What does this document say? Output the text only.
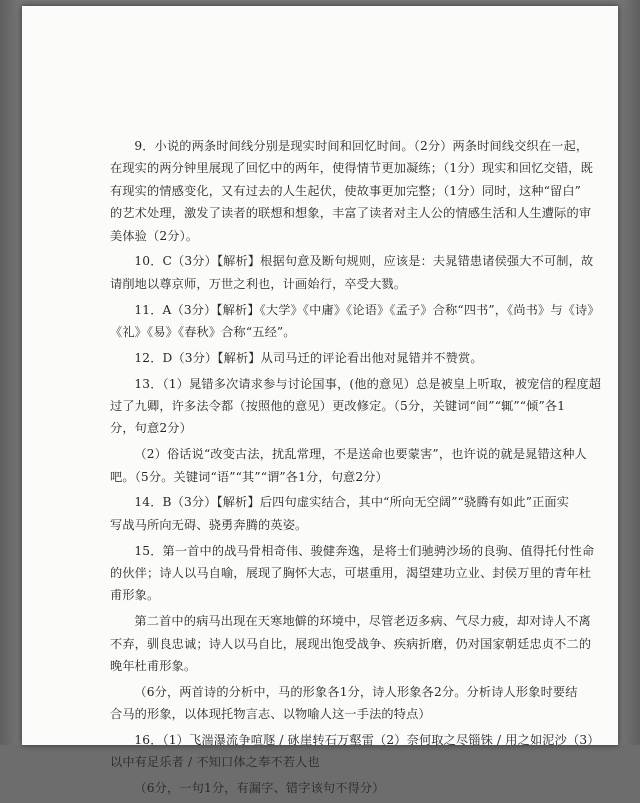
9．小说的两条时间线分别是现实时间和回忆时间。（2分）两条时间线交织在一起，
在现实的两分钟里展现了回忆中的两年，使得情节更加凝练；（1分）现实和回忆交错，既
有现实的情感变化，又有过去的人生起伏，使故事更加完整；（1分）同时，这种“留白”
的艺术处理，激发了读者的联想和想象，丰富了读者对主人公的情感生活和人生遭际的审
美体验（2分）。
10．C（3分）【解析】根据句意及断句规则，应该是：夫晁错患诸侯强大不可制，故
请削地以尊京师，万世之利也，计画始行，卒受大戮。
11．A（3分）【解析】《大学》《中庸》《论语》《孟子》合称“四书”，《尚书》与《诗》
《礼》《易》《春秋》合称“五经”。
12．D（3分）【解析】从司马迁的评论看出他对晁错并不赞赏。
13．（1）晁错多次请求参与讨论国事，(他的意见）总是被皇上听取，被宠信的程度超
过了九卿，许多法令都（按照他的意见）更改修定。（5分，关键词“间”“辄”“倾”各1
分，句意2分）
（2）俗话说“改变古法，扰乱常理，不是送命也要蒙害”，也许说的就是晁错这种人
吧。（5分。关键词“语”“其”“谓”各1分，句意2分）
14．B（3分）【解析】后四句虚实结合，其中“所向无空阔”“骁腾有如此”正面实
写战马所向无碍、骁勇奔腾的英姿。
15．第一首中的战马骨相奇伟、骏健奔逸，是将士们驰骋沙场的良驹、值得托付性命
的伙伴；诗人以马自喻，展现了胸怀大志，可堪重用，渴望建功立业、封侯万里的青年杜
甫形象。
第二首中的病马出现在天寒地僻的环境中，尽管老迈多病、气尽力疲，却对诗人不离
不弃，驯良忠诚；诗人以马自比，展现出饱受战争、疾病折磨，仍对国家朝廷忠贞不二的
晚年杜甫形象。
（6分，两首诗的分析中，马的形象各1分，诗人形象各2分。分析诗人形象时要结
合马的形象，以体现托物言志、以物喻人这一手法的特点）
16．（1）飞湍瀑流争喧豗 / 砯崖转石万壑雷（2）奈何取之尽锱铢 / 用之如泥沙（3）
以中有足乐者 / 不知口体之奉不若人也
（6分，一句1分，有漏字、错字该句不得分）
